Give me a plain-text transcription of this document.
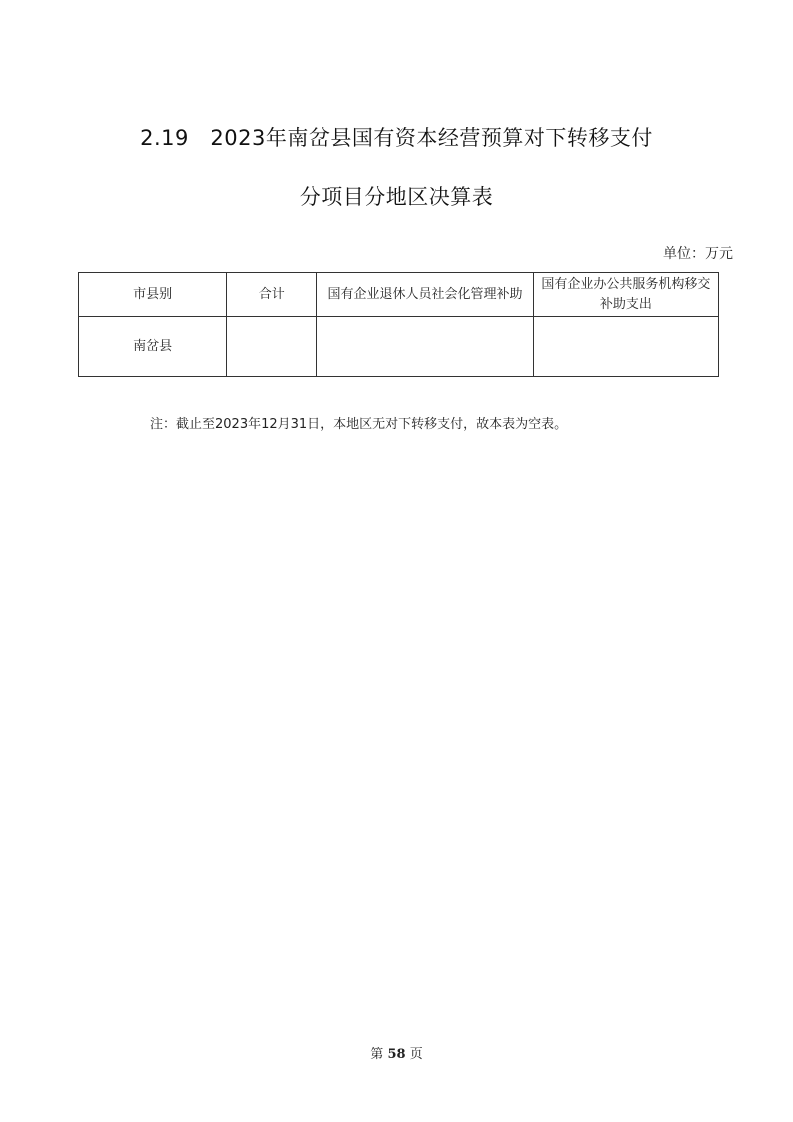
2.19   2023年南岔县国有资本经营预算对下转移支付
分项目分地区决算表
单位：万元
市县别	合计	国有企业退休人员社会化管理补助	国有企业办公共服务机构移交补助支出
南岔县			
注：截止至2023年12月31日，本地区无对下转移支付，故本表为空表。
第 58 页
